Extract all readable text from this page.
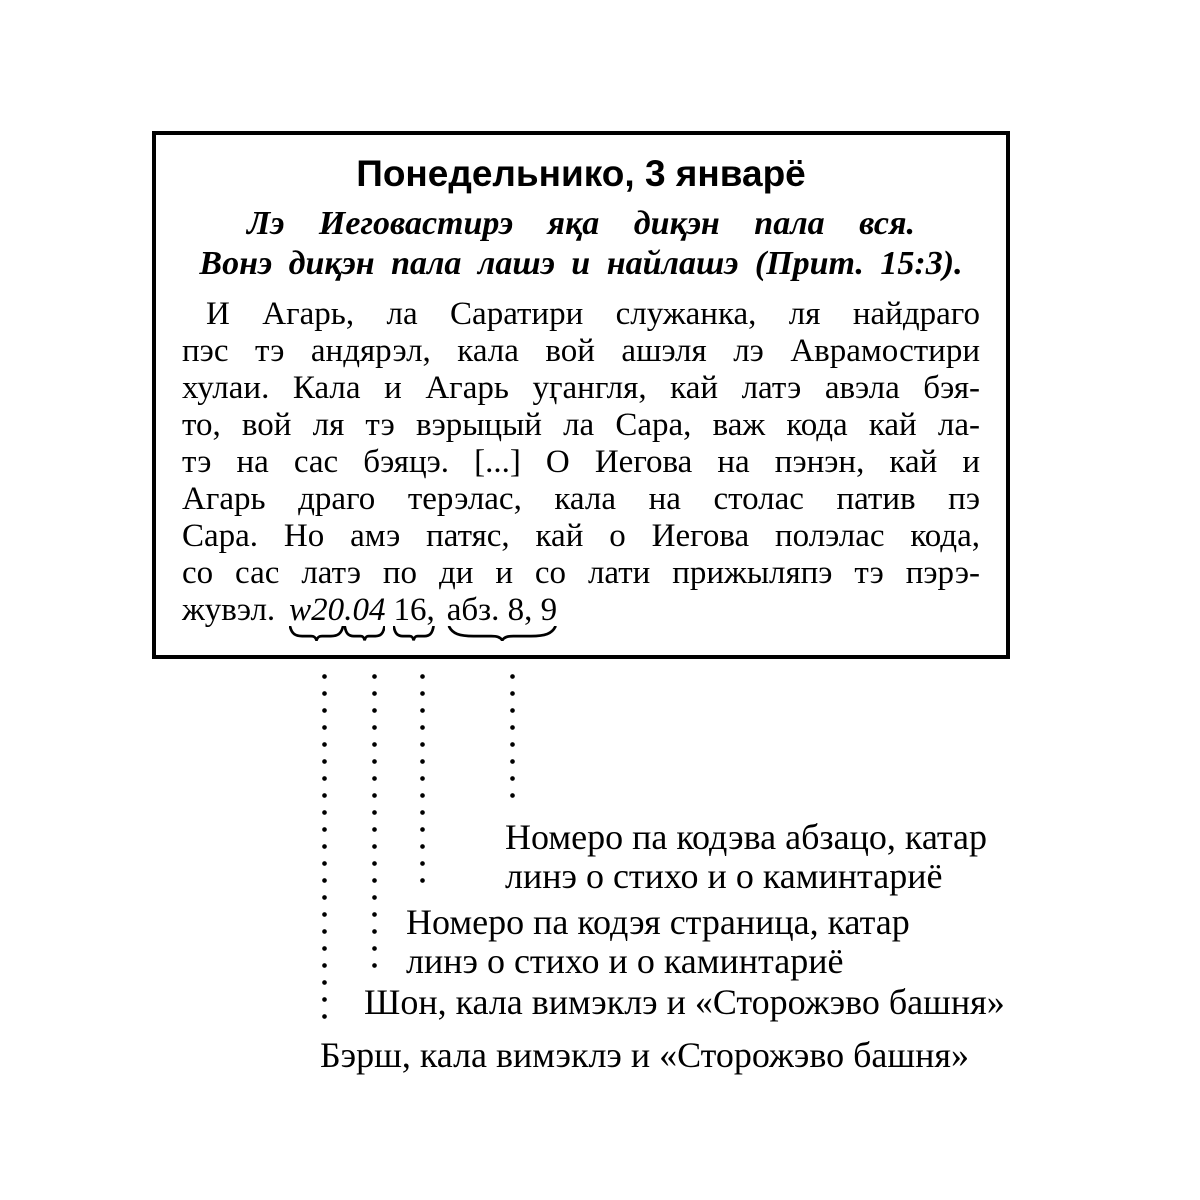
Понедельнико, 3 январё
Лэ Иеговастирэ яқа диқэн пала вся.
Вонэ диқэн пала лашэ и найлашэ (Прит. 15:3).
И Агарь, ла Саратири служанка, ля найдраго
пэс тэ андярэл, кала вой ашэля лэ Аврамостири
хулаи. Кала и Агарь уӷангля, кай латэ авэла бэя-
то, вой ля тэ вэрыцый ла Сара, важ кода кай ла-
тэ на сас бэяцэ. [...] О Иегова на пэнэн, кай и
Агарь драго терэлас, кала на столас патив пэ
Сара. Но амэ патяс, кай о Иегова полэлас кода,
со сас латэ по ди и со лати прижыляпэ тэ пэрэ-
жувэл. w20
.04 16, абз. 8, 9
Номеро па кодэва абзацо, катар
линэ о стихо и о каминтариё
Номеро па кодэя страница, катар
линэ о стихо и о каминтариё
Шон, кала вимэклэ и «Сторожэво башня»
Бэрш, кала вимэклэ и «Сторожэво башня»
